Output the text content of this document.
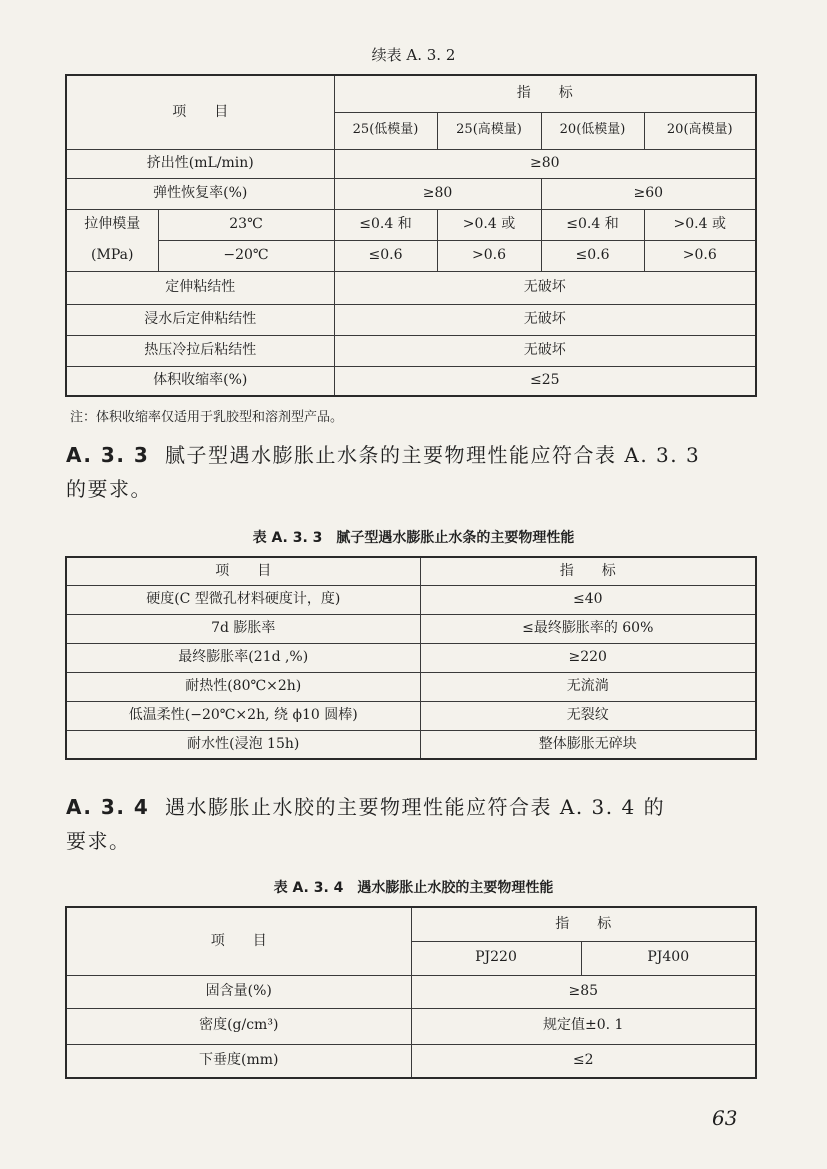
续表 A. 3. 2
项　　目		指　　标			
		25(低模量)	25(高模量)	20(低模量)	20(高模量)
挤出性(mL/min)		≥80			
弹性恢复率(%)		≥80		≥60	
拉伸模量	23℃	≤0.4 和	>0.4 或	≤0.4 和	>0.4 或
(MPa)	−20℃	≤0.6	>0.6	≤0.6	>0.6
定伸粘结性		无破坏			
浸水后定伸粘结性		无破坏			
热压冷拉后粘结性		无破坏			
体积收缩率(%)		≤25			
注：体积收缩率仅适用于乳胶型和溶剂型产品。
A. 3. 3 腻子型遇水膨胀止水条的主要物理性能应符合表 A. 3. 3
的要求。
表 A. 3. 3　腻子型遇水膨胀止水条的主要物理性能
项　　目	指　　标
硬度(C 型微孔材料硬度计，度)	≤40
7d 膨胀率	≤最终膨胀率的 60%
最终膨胀率(21d ,%)	≥220
耐热性(80℃×2h)	无流淌
低温柔性(−20℃×2h, 绕 ϕ10 圆棒)	无裂纹
耐水性(浸泡 15h)	整体膨胀无碎块
A. 3. 4 遇水膨胀止水胶的主要物理性能应符合表 A. 3. 4 的
要求。
表 A. 3. 4　遇水膨胀止水胶的主要物理性能
项　　目	指　　标	
	PJ220	PJ400
固含量(%)	≥85	
密度(g/cm³)	规定值±0. 1	
下垂度(mm)	≤2	
63
